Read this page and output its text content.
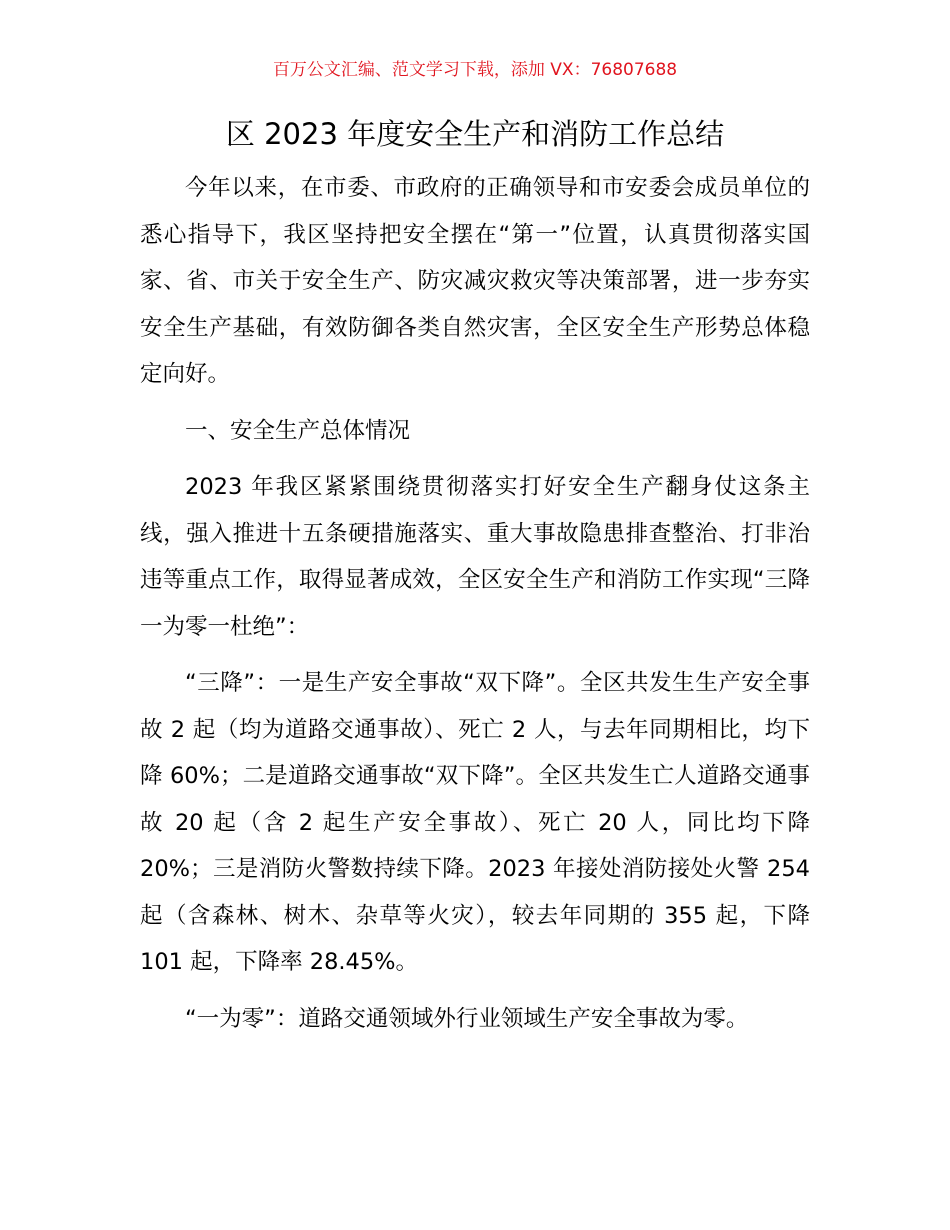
百万公文汇编、范文学习下载，添加 VX：76807688
区 2023 年度安全生产和消防工作总结

今年以来，在市委、市政府的正确领导和市安委会成员单位的悉心指导下，我区坚持把安全摆在“第一”位置，认真贯彻落实国家、省、市关于安全生产、防灾减灾救灾等决策部署，进一步夯实安全生产基础，有效防御各类自然灾害，全区安全生产形势总体稳定向好。

一、安全生产总体情况

2023 年我区紧紧围绕贯彻落实打好安全生产翻身仗这条主线，强入推进十五条硬措施落实、重大事故隐患排查整治、打非治违等重点工作，取得显著成效，全区安全生产和消防工作实现“三降一为零一杜绝”：

“三降”：一是生产安全事故“双下降”。全区共发生生产安全事故 2 起（均为道路交通事故）、死亡 2 人，与去年同期相比，均下降 60%；二是道路交通事故“双下降”。全区共发生亡人道路交通事故 20 起（含 2 起生产安全事故）、死亡 20 人，同比均下降 20%；三是消防火警数持续下降。2023 年接处消防接处火警 254 起（含森林、树木、杂草等火灾），较去年同期的 355 起，下降 101 起，下降率 28.45%。

“一为零”：道路交通领域外行业领域生产安全事故为零。
